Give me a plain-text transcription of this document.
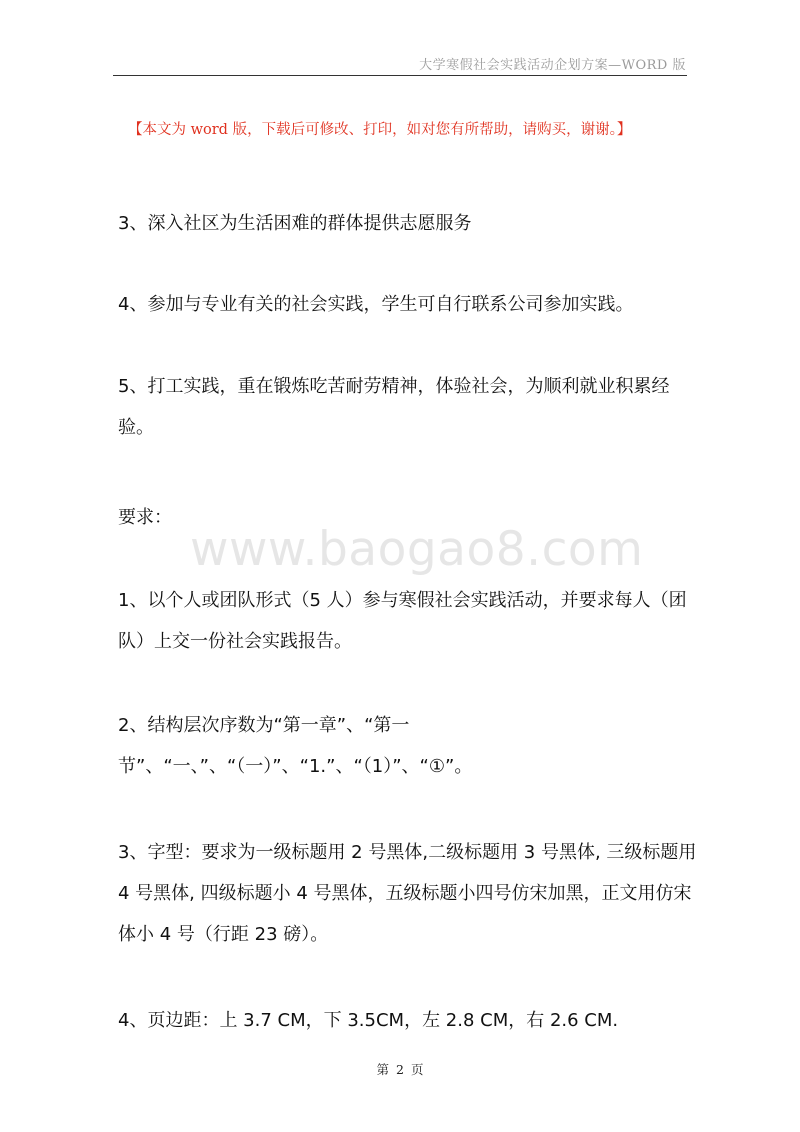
大学寒假社会实践活动企划方案—WORD 版
【本文为 word 版，下载后可修改、打印，如对您有所帮助，请购买，谢谢。】

3、深入社区为生活困难的群体提供志愿服务

4、参加与专业有关的社会实践，学生可自行联系公司参加实践。

5、打工实践，重在锻炼吃苦耐劳精神，体验社会，为顺利就业积累经验。

要求：

www.baogao8.com

1、以个人或团队形式（5 人）参与寒假社会实践活动，并要求每人（团队）上交一份社会实践报告。

2、结构层次序数为“第一章”、“第一节”、“一、”、“（一）”、“1.”、“（1）”、“①”。

3、字型：要求为一级标题用 2 号黑体,二级标题用 3 号黑体, 三级标题用 4 号黑体, 四级标题小 4 号黑体，五级标题小四号仿宋加黑，正文用仿宋体小 4 号（行距 23 磅）。

4、页边距：上 3.7 CM，下 3.5CM，左 2.8 CM，右 2.6 CM.

第 2 页
